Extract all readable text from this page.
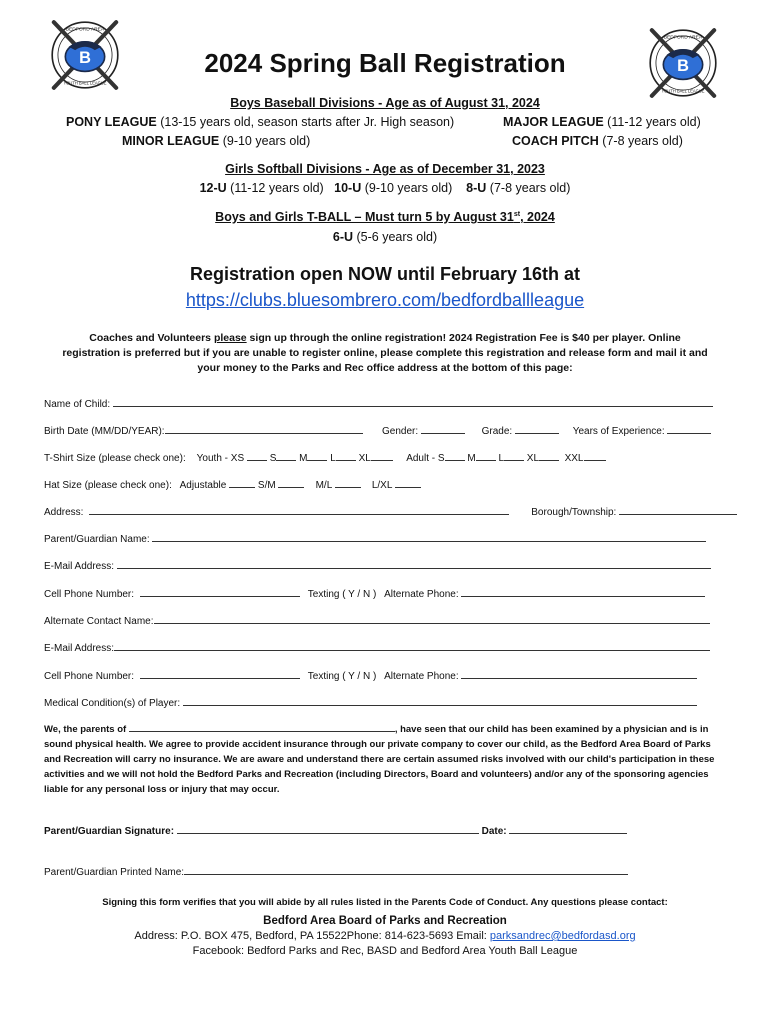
B
BEDFORD AREA
YOUTH BALL LEAGUE
B
BEDFORD AREA
YOUTH BALL LEAGUE
2024 Spring Ball Registration
Boys Baseball Divisions - Age as of August 31, 2024
PONY LEAGUE (13-15 years old, season starts after Jr. High season)	MAJOR LEAGUE (11-12 years old)
MINOR LEAGUE (9-10 years old)	COACH PITCH (7-8 years old)
Girls Softball Divisions - Age as of December 31, 2023
12-U (11-12 years old) 10-U (9-10 years old) 8-U (7-8 years old)
Boys and Girls T-BALL – Must turn 5 by August 31st, 2024
6-U (5-6 years old)
Registration open NOW until February 16th at
https://clubs.bluesombrero.com/bedfordballleague
Coaches and Volunteers please sign up through the online registration! 2024 Registration Fee is $40 per player. Online registration is preferred but if you are unable to register online, please complete this registration and release form and mail it and your money to the Parks and Rec office address at the bottom of this page:
Name of Child:
Birth Date (MM/DD/YEAR):	Gender:	Grade:	Years of Experience:
T-Shirt Size (please check one): Youth - XS	S M L XL	Adult - S M L XL	XXL
Hat Size (please check one): Adjustable	S/M	M/L	L/XL
Address:	Borough/Township:
Parent/Guardian Name:
E-Mail Address:
Cell Phone Number:	Texting ( Y / N ) Alternate Phone:
Alternate Contact Name:
E-Mail Address:
Cell Phone Number:	Texting ( Y / N ) Alternate Phone:
Medical Condition(s) of Player:
We, the parents of	, have seen that our child has been examined by a physician and is in sound physical health. We agree to provide accident insurance through our private company to cover our child, as the Bedford Area Board of Parks and Recreation will carry no insurance. We are aware and understand there are certain assumed risks involved with our child's participation in these activities and we will not hold the Bedford Parks and Recreation (including Directors, Board and volunteers) and/or any of the sponsoring agencies liable for any personal loss or injury that may occur.
Parent/Guardian Signature:	Date:
Parent/Guardian Printed Name:
Signing this form verifies that you will abide by all rules listed in the Parents Code of Conduct. Any questions please contact:
Bedford Area Board of Parks and Recreation
Address: P.O. BOX 475, Bedford, PA 15522Phone: 814-623-5693 Email: parksandrec@bedfordasd.org
Facebook: Bedford Parks and Rec, BASD and Bedford Area Youth Ball League
